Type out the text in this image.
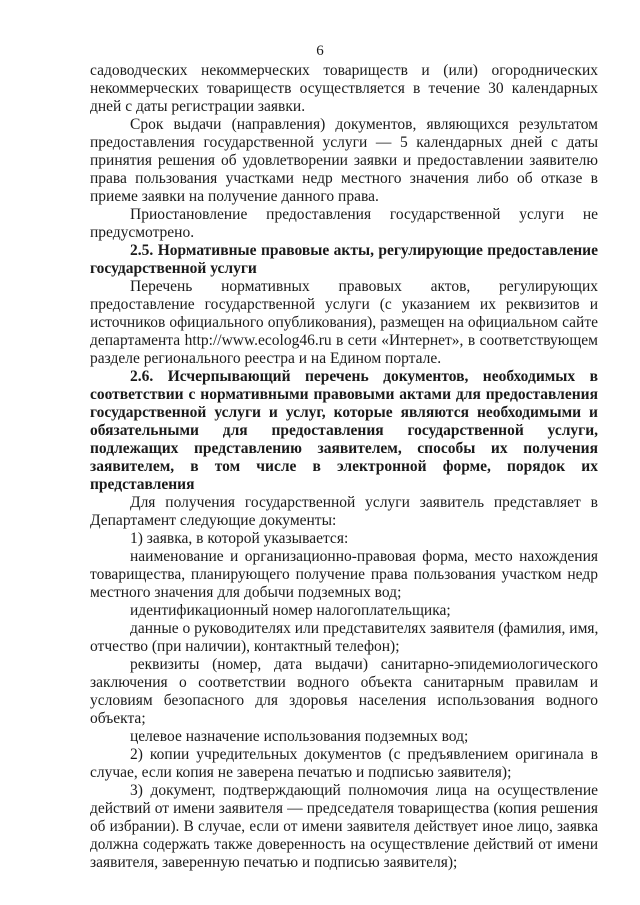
6
садоводческих некоммерческих товариществ и (или) огороднических
некоммерческих товариществ осуществляется в течение 30 календарных
дней с даты регистрации заявки.
Срок выдачи (направления) документов, являющихся результатом
предоставления государственной услуги — 5 календарных дней с даты
принятия решения об удовлетворении заявки и предоставлении заявителю
права пользования участками недр местного значения либо об отказе в
приеме заявки на получение данного права.
Приостановление предоставления государственной услуги не
предусмотрено.
2.5. Нормативные правовые акты, регулирующие предоставление
государственной услуги
Перечень нормативных правовых актов, регулирующих
предоставление государственной услуги (с указанием их реквизитов и
источников официального опубликования), размещен на официальном сайте
департамента http://www.ecolog46.ru в сети «Интернет», в соответствующем
разделе регионального реестра и на Едином портале.
2.6. Исчерпывающий перечень документов, необходимых в
соответствии с нормативными правовыми актами для предоставления
государственной услуги и услуг, которые являются необходимыми и
обязательными для предоставления государственной услуги,
подлежащих представлению заявителем, способы их получения
заявителем, в том числе в электронной форме, порядок их
представления
Для получения государственной услуги заявитель представляет в
Департамент следующие документы:
1) заявка, в которой указывается:
наименование и организационно-правовая форма, место нахождения
товарищества, планирующего получение права пользования участком недр
местного значения для добычи подземных вод;
идентификационный номер налогоплательщика;
данные о руководителях или представителях заявителя (фамилия, имя,
отчество (при наличии), контактный телефон);
реквизиты (номер, дата выдачи) санитарно-эпидемиологического
заключения о соответствии водного объекта санитарным правилам и
условиям безопасного для здоровья населения использования водного
объекта;
целевое назначение использования подземных вод;
2) копии учредительных документов (с предъявлением оригинала в
случае, если копия не заверена печатью и подписью заявителя);
3) документ, подтверждающий полномочия лица на осуществление
действий от имени заявителя — председателя товарищества (копия решения
об избрании). В случае, если от имени заявителя действует иное лицо, заявка
должна содержать также доверенность на осуществление действий от имени
заявителя, заверенную печатью и подписью заявителя);
